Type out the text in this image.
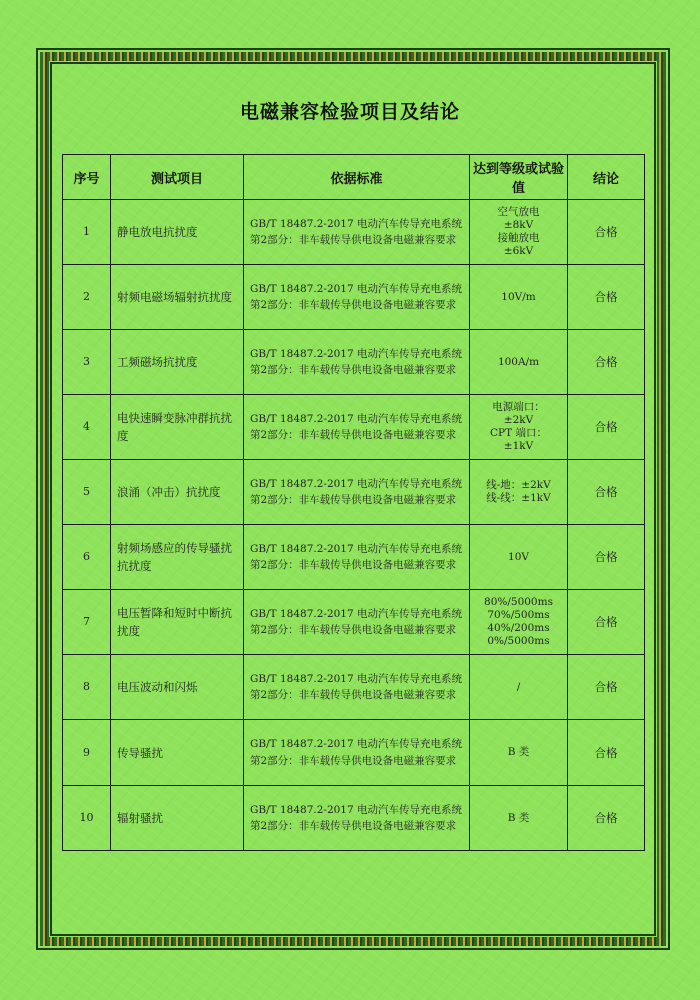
电磁兼容检验项目及结论
序号	测试项目	依据标准	达到等级或试验值	结论
1	静电放电抗扰度	GB/T 18487.2-2017 电动汽车传导充电系统 第2部分：非车载传导供电设备电磁兼容要求	空气放电
±8kV
接触放电
±6kV	合格
2	射频电磁场辐射抗扰度	GB/T 18487.2-2017 电动汽车传导充电系统 第2部分：非车载传导供电设备电磁兼容要求	10V/m	合格
3	工频磁场抗扰度	GB/T 18487.2-2017 电动汽车传导充电系统 第2部分：非车载传导供电设备电磁兼容要求	100A/m	合格
4	电快速瞬变脉冲群抗扰度	GB/T 18487.2-2017 电动汽车传导充电系统 第2部分：非车载传导供电设备电磁兼容要求	电源端口：
±2kV
CPT 端口：
±1kV	合格
5	浪涌（冲击）抗扰度	GB/T 18487.2-2017 电动汽车传导充电系统 第2部分：非车载传导供电设备电磁兼容要求	线-地：±2kV
线-线：±1kV	合格
6	射频场感应的传导骚扰抗扰度	GB/T 18487.2-2017 电动汽车传导充电系统 第2部分：非车载传导供电设备电磁兼容要求	10V	合格
7	电压暂降和短时中断抗扰度	GB/T 18487.2-2017 电动汽车传导充电系统 第2部分：非车载传导供电设备电磁兼容要求	80%/5000ms
70%/500ms
40%/200ms
0%/5000ms	合格
8	电压波动和闪烁	GB/T 18487.2-2017 电动汽车传导充电系统 第2部分：非车载传导供电设备电磁兼容要求	/	合格
9	传导骚扰	GB/T 18487.2-2017 电动汽车传导充电系统 第2部分：非车载传导供电设备电磁兼容要求	B 类	合格
10	辐射骚扰	GB/T 18487.2-2017 电动汽车传导充电系统 第2部分：非车载传导供电设备电磁兼容要求	B 类	合格
